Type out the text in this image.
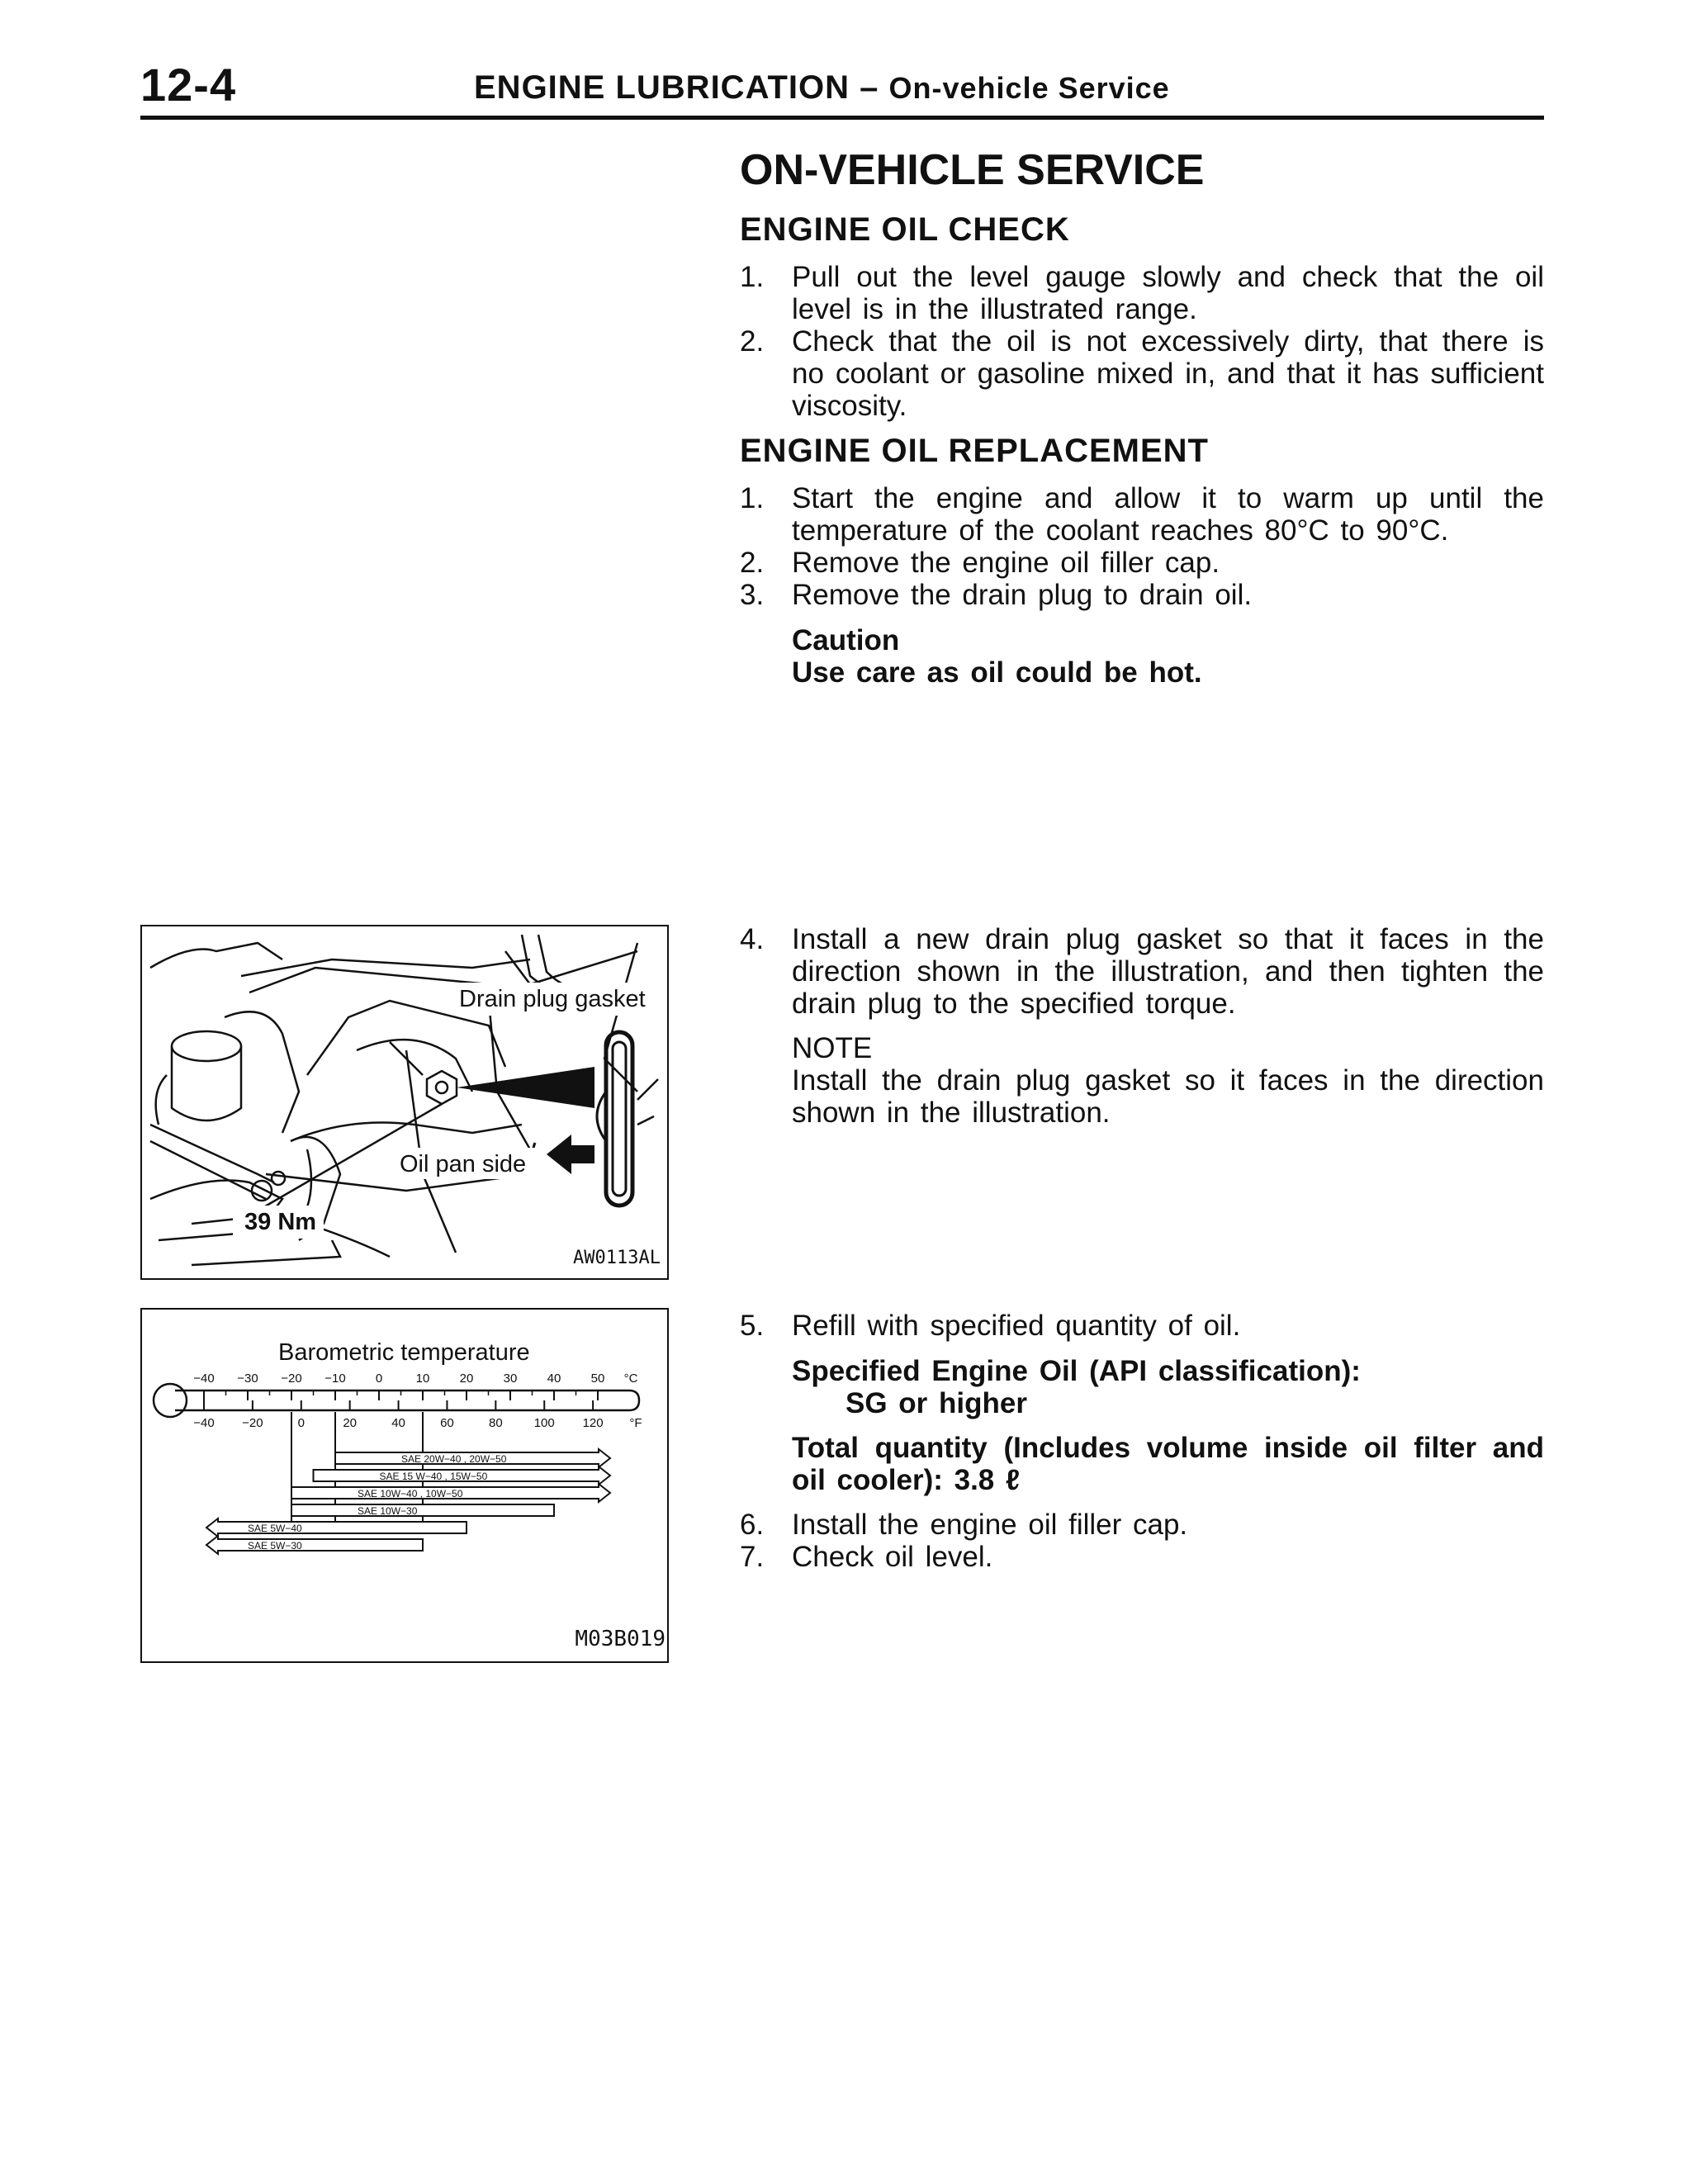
12-4	ENGINE LUBRICATION – On-vehicle Service
ON-VEHICLE SERVICE
ENGINE OIL CHECK
1. Pull out the level gauge slowly and check that the oil level is in the illustrated range.
2. Check that the oil is not excessively dirty, that there is no coolant or gasoline mixed in, and that it has sufficient viscosity.
ENGINE OIL REPLACEMENT
1. Start the engine and allow it to warm up until the temperature of the coolant reaches 80°C to 90°C.
2. Remove the engine oil filler cap.
3. Remove the drain plug to drain oil.
Caution
Use care as oil could be hot.
4. Install a new drain plug gasket so that it faces in the direction shown in the illustration, and then tighten the drain plug to the specified torque.
NOTE
Install the drain plug gasket so it faces in the direction shown in the illustration.
5. Refill with specified quantity of oil.
Specified Engine Oil (API classification):
SG or higher
Total quantity (Includes volume inside oil filter and oil cooler): 3.8 ℓ
6. Install the engine oil filler cap.
7. Check oil level.
Drain plug gasket
Oil pan side
39 Nm
AW0113AL
Barometric temperature
−40 −30 −20 −10 0	10 20 30 40 50 °C
−40 −20	0	20	40	60	80	100 120 °F
SAE 20W−40 , 20W−50
SAE 15 W−40 , 15W−50
SAE 10W−40 , 10W−50
SAE 10W−30
SAE 5W−40
SAE 5W−30
M03B019
